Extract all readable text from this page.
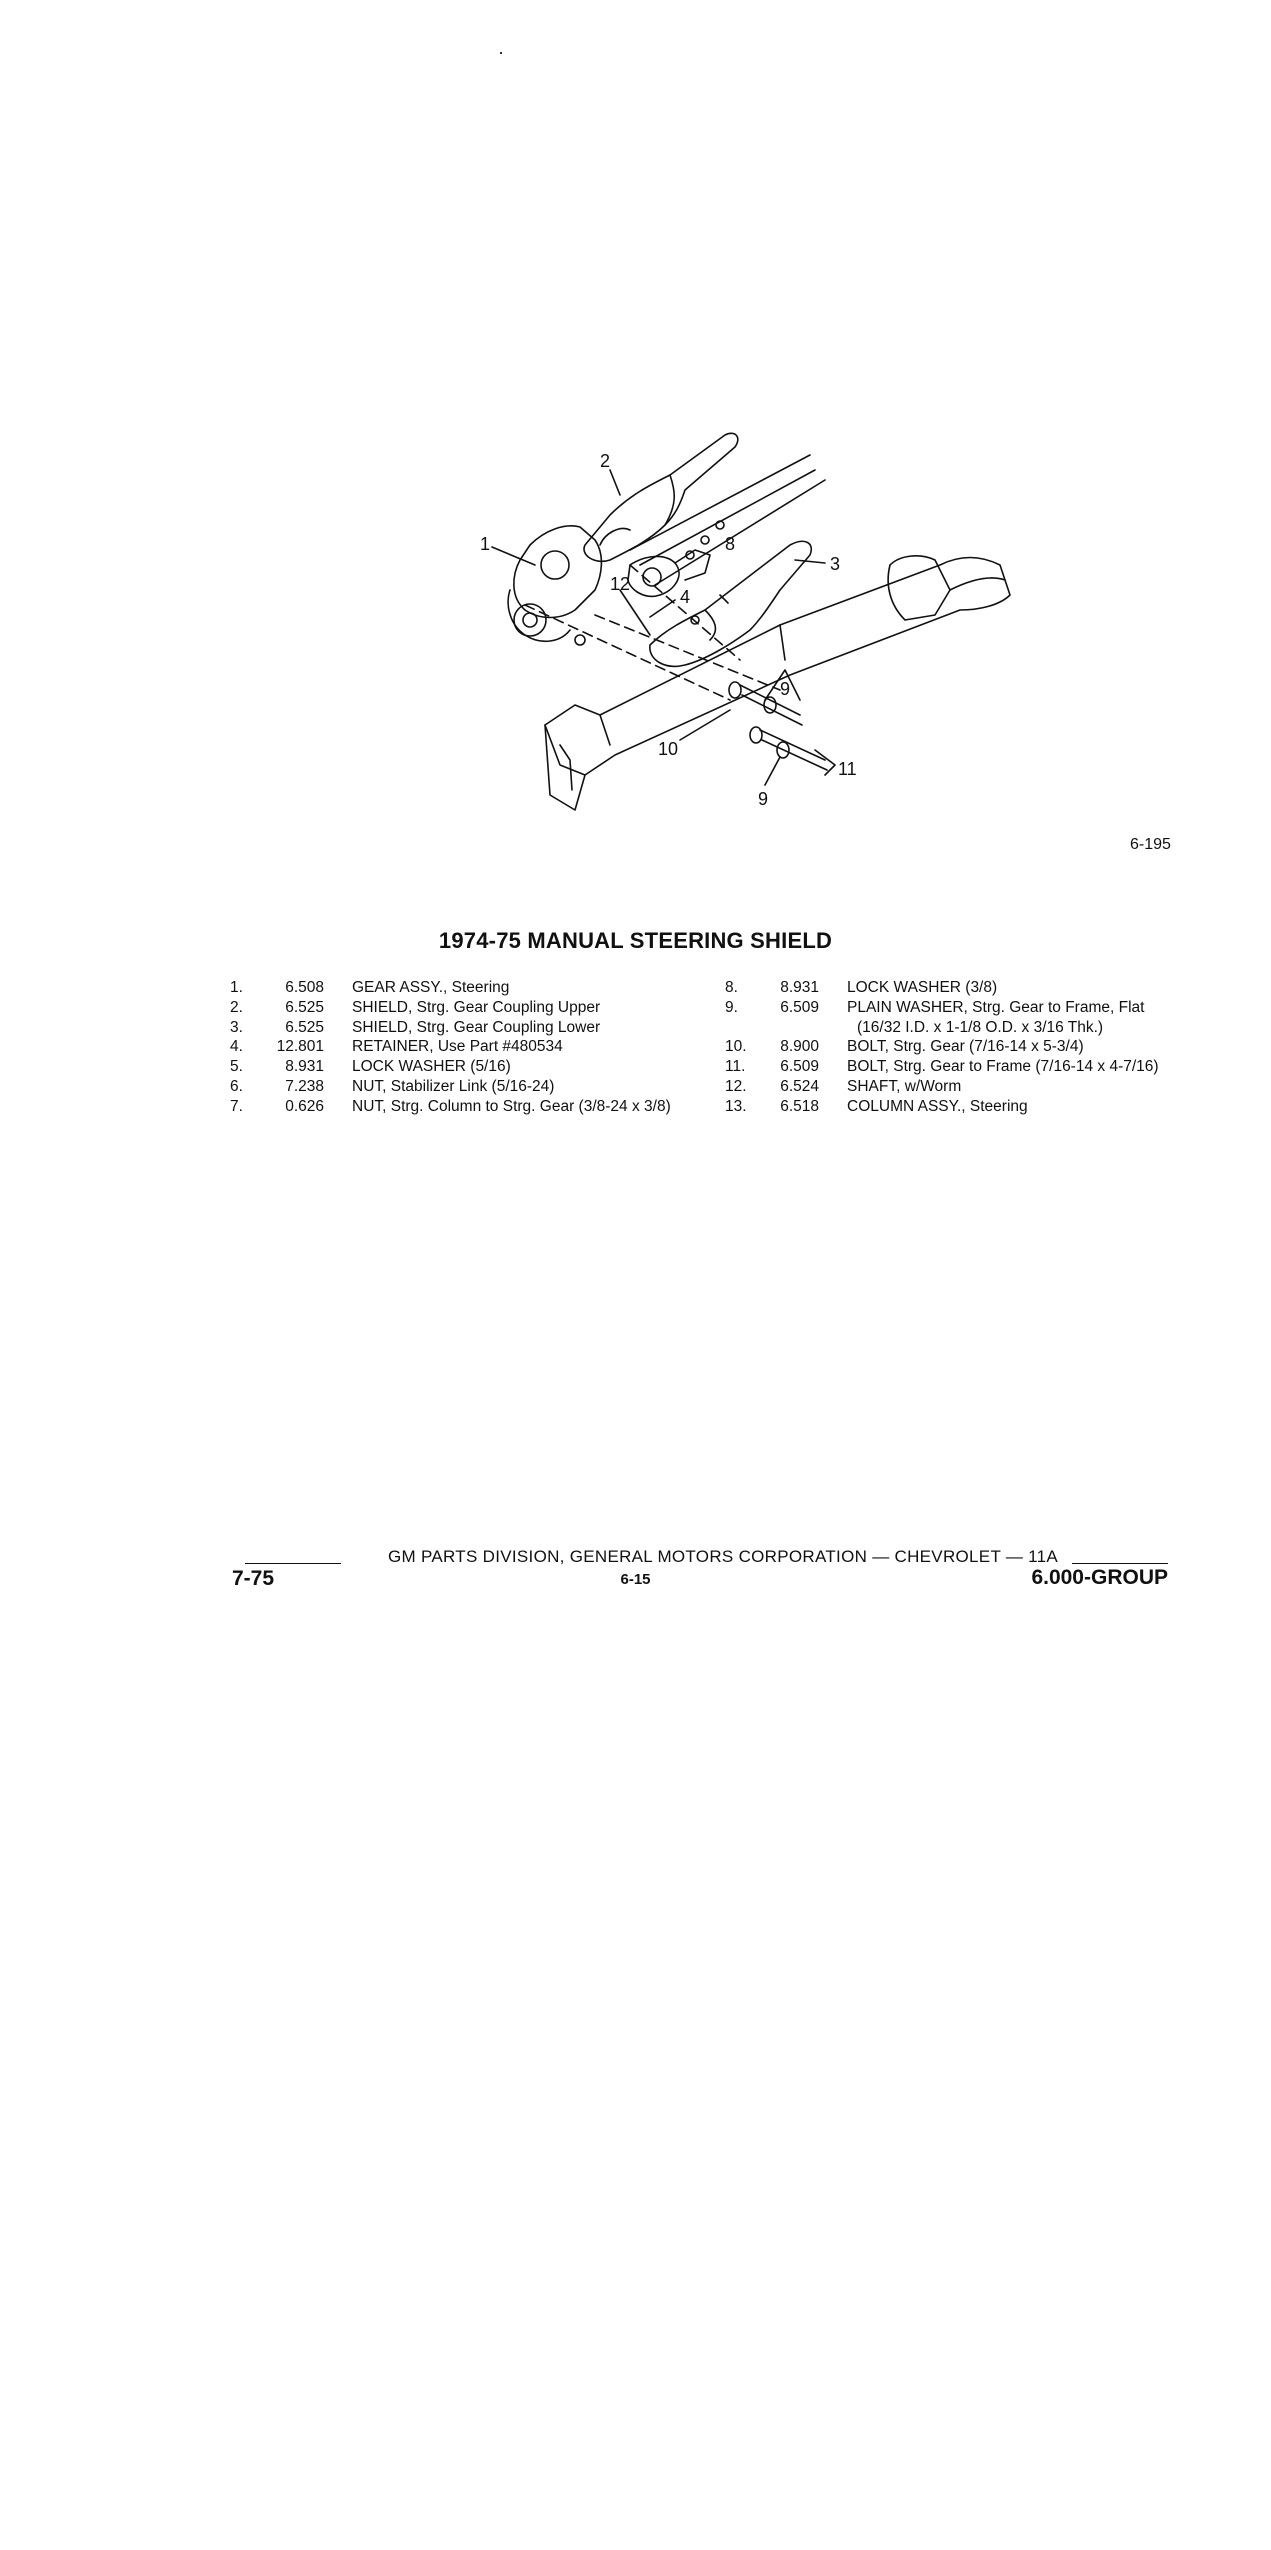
1
2
3
4
8
9
9
10
11
12
6-195
1974-75 MANUAL STEERING SHIELD
1.	6.508 GEAR ASSY., Steering
2.	6.525 SHIELD, Strg. Gear Coupling Upper
3.	6.525 SHIELD, Strg. Gear Coupling Lower
4.	12.801 RETAINER, Use Part #480534
5.	8.931 LOCK WASHER (5/16)
6.	7.238 NUT, Stabilizer Link (5/16-24)
7.	0.626 NUT, Strg. Column to Strg. Gear (3/8-24 x 3/8)
8.	8.931 LOCK WASHER (3/8)
9.	6.509 PLAIN WASHER, Strg. Gear to Frame, Flat
(16/32 I.D. x 1-1/8 O.D. x 3/16 Thk.)
10.	8.900 BOLT, Strg. Gear (7/16-14 x 5-3/4)
11.	6.509 BOLT, Strg. Gear to Frame (7/16-14 x 4-7/16)
12.	6.524 SHAFT, w/Worm
13.	6.518 COLUMN ASSY., Steering
GM PARTS DIVISION, GENERAL MOTORS CORPORATION — CHEVROLET — 11A
7-75	6-15	6.000-GROUP
